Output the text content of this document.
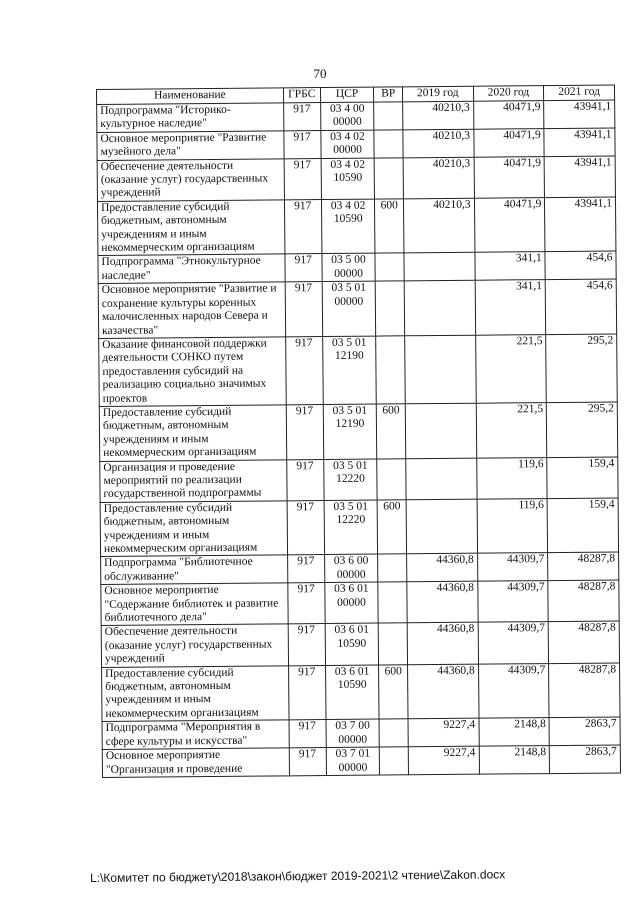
70
Наименование	ГРБС	ЦСР	ВР	2019 год	2020 год	2021 год
Подпрограмма "Историко-культурное наследие"	917	03 4 00 00000		40210,3	40471,9	43941,1
Основное мероприятие "Развитие музейного дела"	917	03 4 02 00000		40210,3	40471,9	43941,1
Обеспечение деятельности (оказание услуг) государственных учреждений	917	03 4 02 10590		40210,3	40471,9	43941,1
Предоставление субсидий бюджетным, автономным учреждениям и иным некоммерческим организациям	917	03 4 02 10590	600	40210,3	40471,9	43941,1
Подпрограмма "Этнокультурное наследие"	917	03 5 00 00000			341,1	454,6
Основное мероприятие "Развитие и сохранение культуры коренных малочисленных народов Севера и казачества"	917	03 5 01 00000			341,1	454,6
Оказание финансовой поддержки деятельности СОНКО путем предоставления субсидий на реализацию социально значимых проектов	917	03 5 01 12190			221,5	295,2
Предоставление субсидий бюджетным, автономным учреждениям и иным некоммерческим организациям	917	03 5 01 12190	600		221,5	295,2
Организация и проведение мероприятий по реализации государственной подпрограммы	917	03 5 01 12220			119,6	159,4
Предоставление субсидий бюджетным, автономным учреждениям и иным некоммерческим организациям	917	03 5 01 12220	600		119,6	159,4
Подпрограмма "Библиотечное обслуживание"	917	03 6 00 00000		44360,8	44309,7	48287,8
Основное мероприятие "Содержание библиотек и развитие библиотечного дела"	917	03 6 01 00000		44360,8	44309,7	48287,8
Обеспечение деятельности (оказание услуг) государственных учреждений	917	03 6 01 10590		44360,8	44309,7	48287,8
Предоставление субсидий бюджетным, автономным учреждениям и иным некоммерческим организациям	917	03 6 01 10590	600	44360,8	44309,7	48287,8
Подпрограмма "Мероприятия в сфере культуры и искусства"	917	03 7 00 00000		9227,4	2148,8	2863,7
Основное мероприятие "Организация и проведение	917	03 7 01 00000		9227,4	2148,8	2863,7
L:\Комитет по бюджету\2018\закон\бюджет 2019-2021\2 чтение\Zakon.docx
